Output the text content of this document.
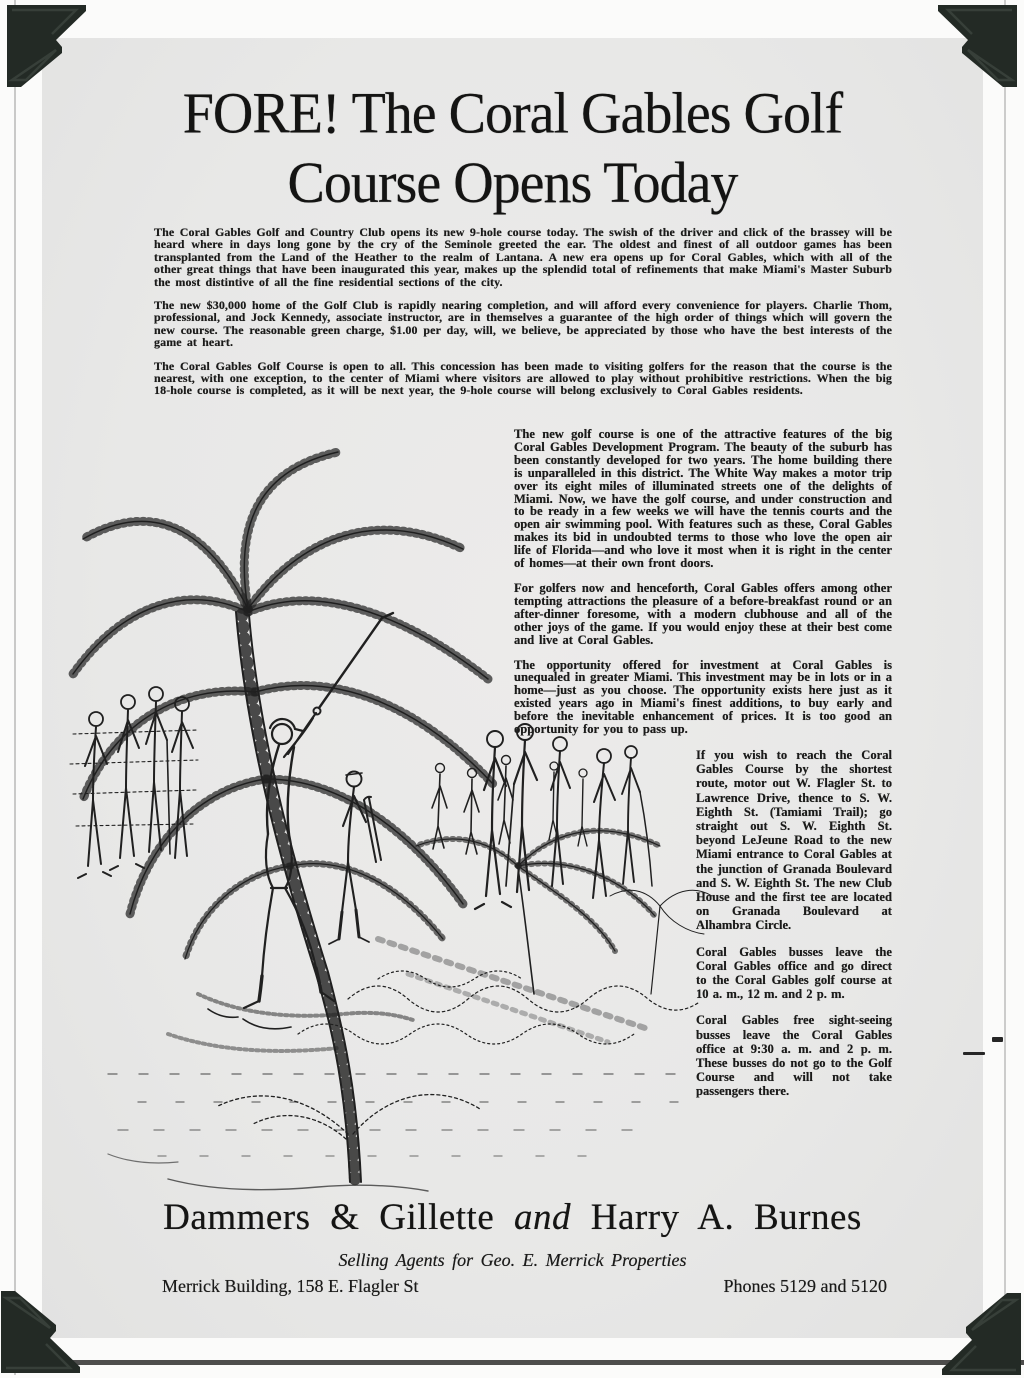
FORE! The Coral Gables Golf
Course Opens Today

The Coral Gables Golf and Country Club opens its new 9-hole course today. The swish of the driver and click of the brassey will be heard where in days long gone by the cry of the Seminole greeted the ear. The oldest and finest of all outdoor games has been transplanted from the Land of the Heather to the realm of Lantana. A new era opens up for Coral Gables, which with all of the other great things that have been inaugurated this year, makes up the splendid total of refinements that make Miami's Master Suburb the most distintive of all the fine residential sections of the city.

The new $30,000 home of the Golf Club is rapidly nearing completion, and will afford every convenience for players. Charlie Thom, professional, and Jock Kennedy, associate instructor, are in themselves a guarantee of the high order of things which will govern the new course. The reasonable green charge, $1.00 per day, will, we believe, be appreciated by those who have the best interests of the game at heart.

The Coral Gables Golf Course is open to all. This concession has been made to visiting golfers for the reason that the course is the nearest, with one exception, to the center of Miami where visitors are allowed to play without prohibitive restrictions. When the big 18-hole course is completed, as it will be next year, the 9-hole course will belong exclusively to Coral Gables residents.

The new golf course is one of the attractive features of the big Coral Gables Development Program. The beauty of the suburb has been constantly developed for two years. The home building there is unparalleled in this district. The White Way makes a motor trip over its eight miles of illuminated streets one of the delights of Miami. Now, we have the golf course, and under construction and to be ready in a few weeks we will have the tennis courts and the open air swimming pool. With features such as these, Coral Gables makes its bid in undoubted terms to those who love the open air life of Florida—and who love it most when it is right in the center of homes—at their own front doors.

For golfers now and henceforth, Coral Gables offers among other tempting attractions the pleasure of a before-breakfast round or an after-dinner foresome, with a modern clubhouse and all of the other joys of the game. If you would enjoy these at their best come and live at Coral Gables.

The opportunity offered for investment at Coral Gables is unequaled in greater Miami. This investment may be in lots or in a home—just as you choose. The opportunity exists here just as it existed years ago in Miami's finest additions, to buy early and before the inevitable enhancement of prices. It is too good an opportunity for you to pass up.

If you wish to reach the Coral Gables Course by the shortest route, motor out W. Flagler St. to Lawrence Drive, thence to S. W. Eighth St. (Tamiami Trail); go straight out S. W. Eighth St. beyond LeJeune Road to the new Miami entrance to Coral Gables at the junction of Granada Boulevard and S. W. Eighth St. The new Club House and the first tee are located on Granada Boulevard at Alhambra Circle.

Coral Gables busses leave the Coral Gables office and go direct to the Coral Gables golf course at 10 a. m., 12 m. and 2 p. m.

Coral Gables free sight-seeing busses leave the Coral Gables office at 9:30 a. m. and 2 p. m. These busses do not go to the Golf Course and will not take passengers there.

Dammers & Gillette and Harry A. Burnes
Selling Agents for Geo. E. Merrick Properties
Merrick Building, 158 E. Flagler St	Phones 5129 and 5120
